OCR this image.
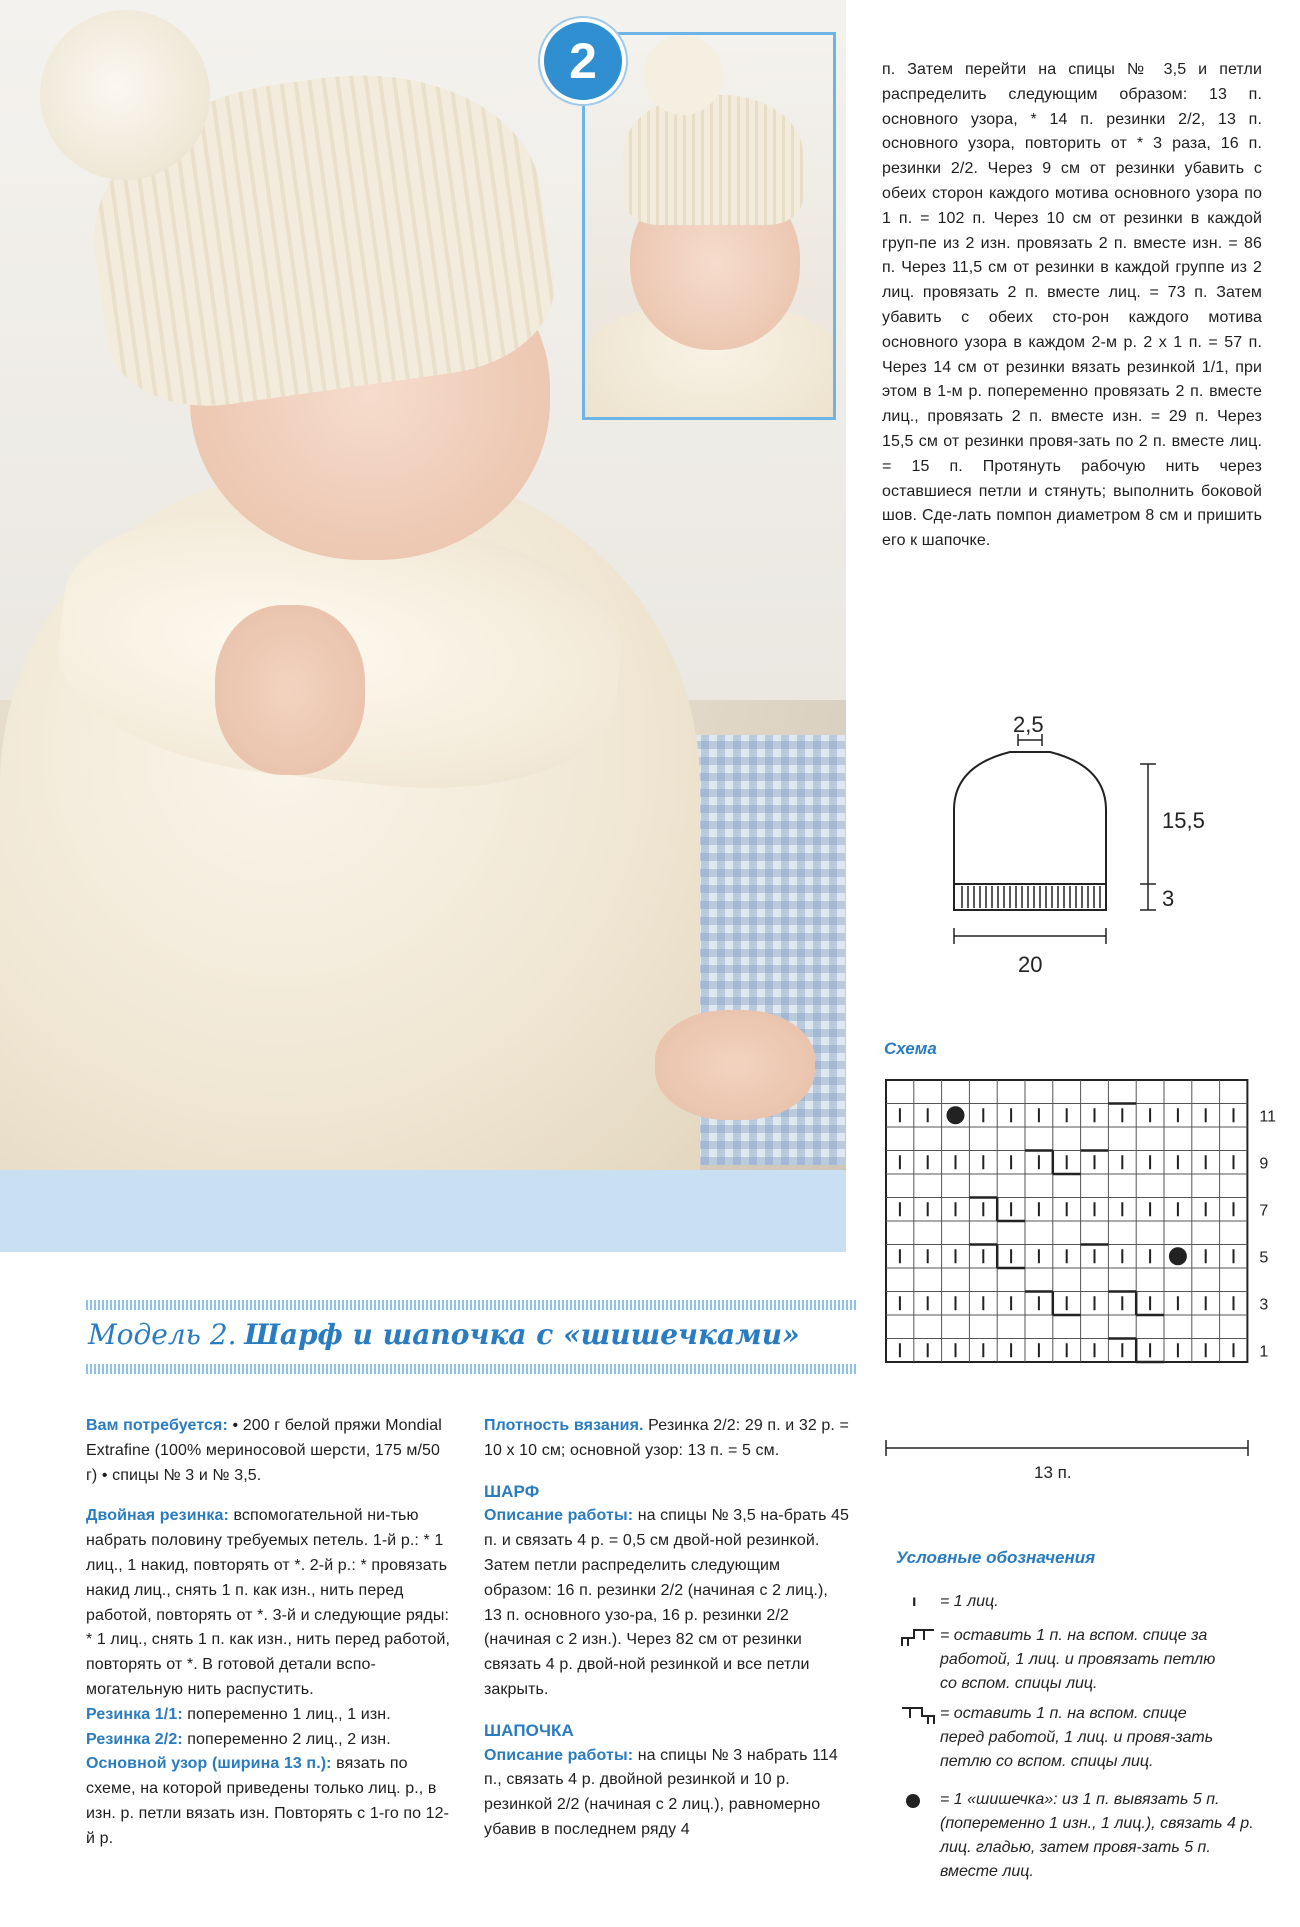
2	п. Затем перейти на спицы № 3,5 и петли распределить следующим образом: 13 п. основного узора, * 14 п. резинки 2/2, 13 п. основного узора, повторить от * 3 раза, 16 п. резинки 2/2. Через 9 см от резинки убавить с обеих сторон каждого мотива основного узора по 1 п. = 102 п. Через 10 см от резинки в каждой груп-пе из 2 изн. провязать 2 п. вместе изн. = 86 п. Через 11,5 см от резинки в каждой группе из 2 лиц. провязать 2 п. вместе лиц. = 73 п. Затем убавить с обеих сто-рон каждого мотива основного узора в каждом 2-м р. 2 х 1 п. = 57 п. Через 14 см от резинки вязать резинкой 1/1, при этом в 1-м р. попеременно провязать 2 п. вместе лиц., провязать 2 п. вместе изн. = 29 п. Через 15,5 см от резинки провя-зать по 2 п. вместе лиц. = 15 п. Протянуть рабочую нить через оставшиеся петли и стянуть; выполнить боковой шов. Сде-лать помпон диаметром 8 см и пришить его к шапочке.
2,5
15,5
3
20
Схема
11
9
7
5
3
1
13 п.
Модель 2. Шарф и шапочка с «шишечками»

Вам потребуется: • 200 г белой пряжи Mondial Extrafine (100% мериносовой шерсти, 175 м/50 г) • спицы № 3 и № 3,5.

Двойная резинка: вспомогательной ни-тью набрать половину требуемых петель. 1-й р.: * 1 лиц., 1 накид, повторять от *. 2-й р.: * провязать накид лиц., снять 1 п. как изн., нить перед работой, повторять от *. 3-й и следующие ряды: * 1 лиц., снять 1 п. как изн., нить перед работой, повторять от *. В готовой детали вспо-могательную нить распустить.

Резинка 1/1: попеременно 1 лиц., 1 изн.

Резинка 2/2: попеременно 2 лиц., 2 изн.

Основной узор (ширина 13 п.): вязать по схеме, на которой приведены только лиц. р., в изн. р. петли вязать изн. Повторять с 1-го по 12-й р.

Плотность вязания. Резинка 2/2: 29 п. и 32 р. = 10 х 10 см; основной узор: 13 п. = 5 см.

ШАРФ

Описание работы: на спицы № 3,5 на-брать 45 п. и связать 4 р. = 0,5 см двой-ной резинкой. Затем петли распределить следующим образом: 16 п. резинки 2/2 (начиная с 2 лиц.), 13 п. основного узо-ра, 16 р. резинки 2/2 (начиная с 2 изн.). Через 82 см от резинки связать 4 р. двой-ной резинкой и все петли закрыть.

ШАПОЧКА

Описание работы: на спицы № 3 набрать 114 п., связать 4 р. двойной резинкой и 10 р. резинкой 2/2 (начиная с 2 лиц.), равномерно убавив в последнем ряду 4

Условные обозначения
ı	= 1 лиц.
= оставить 1 п. на вспом. спице за работой, 1 лиц. и провязать петлю со вспом. спицы лиц.
= оставить 1 п. на вспом. спице перед работой, 1 лиц. и провя-зать петлю со вспом. спицы лиц.
= 1 «шишечка»: из 1 п. вывязать 5 п. (попеременно 1 изн., 1 лиц.), связать 4 р. лиц. гладью, затем провя-зать 5 п. вместе лиц.
